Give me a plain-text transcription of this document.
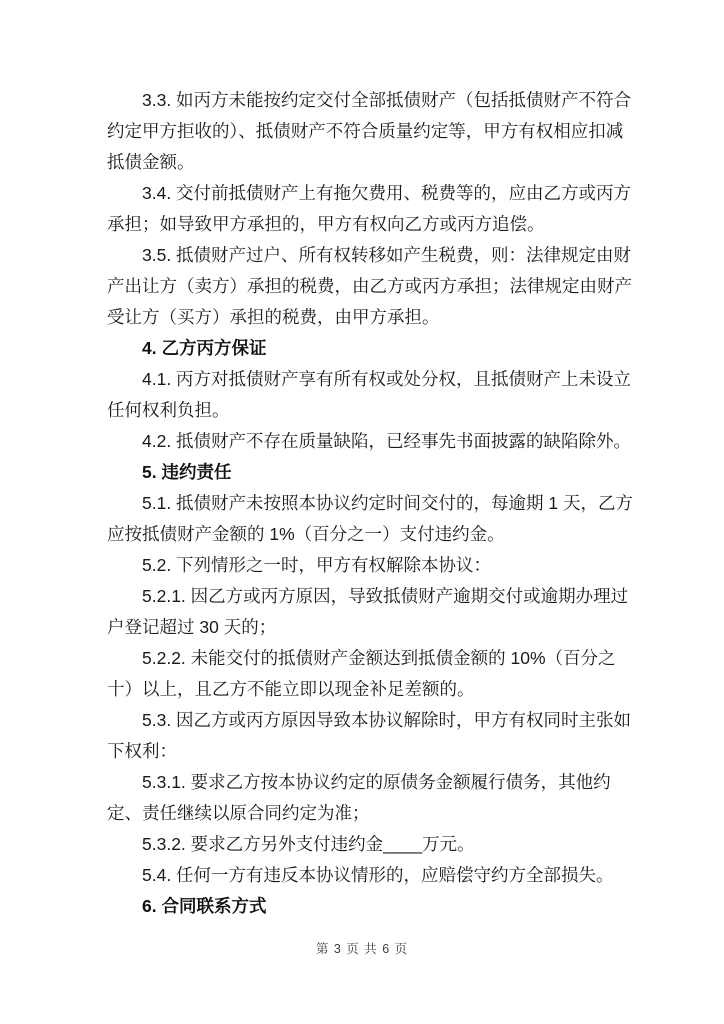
3.3. 如丙方未能按约定交付全部抵债财产（包括抵债财产不符合约定甲方拒收的）、抵债财产不符合质量约定等，甲方有权相应扣减抵债金额。

3.4. 交付前抵债财产上有拖欠费用、税费等的，应由乙方或丙方承担；如导致甲方承担的，甲方有权向乙方或丙方追偿。

3.5. 抵债财产过户、所有权转移如产生税费，则：法律规定由财产出让方（卖方）承担的税费，由乙方或丙方承担；法律规定由财产受让方（买方）承担的税费，由甲方承担。

4. 乙方丙方保证

4.1. 丙方对抵债财产享有所有权或处分权，且抵债财产上未设立任何权利负担。

4.2. 抵债财产不存在质量缺陷，已经事先书面披露的缺陷除外。

5. 违约责任

5.1. 抵债财产未按照本协议约定时间交付的，每逾期 1 天，乙方应按抵债财产金额的 1%（百分之一）支付违约金。

5.2. 下列情形之一时，甲方有权解除本协议：

5.2.1. 因乙方或丙方原因，导致抵债财产逾期交付或逾期办理过户登记超过 30 天的；

5.2.2. 未能交付的抵债财产金额达到抵债金额的 10%（百分之十）以上，且乙方不能立即以现金补足差额的。

5.3. 因乙方或丙方原因导致本协议解除时，甲方有权同时主张如下权利：

5.3.1. 要求乙方按本协议约定的原债务金额履行债务，其他约定、责任继续以原合同约定为准；

5.3.2. 要求乙方另外支付违约金____万元。

5.4. 任何一方有违反本协议情形的，应赔偿守约方全部损失。

6. 合同联系方式

第 3 页 共 6 页
